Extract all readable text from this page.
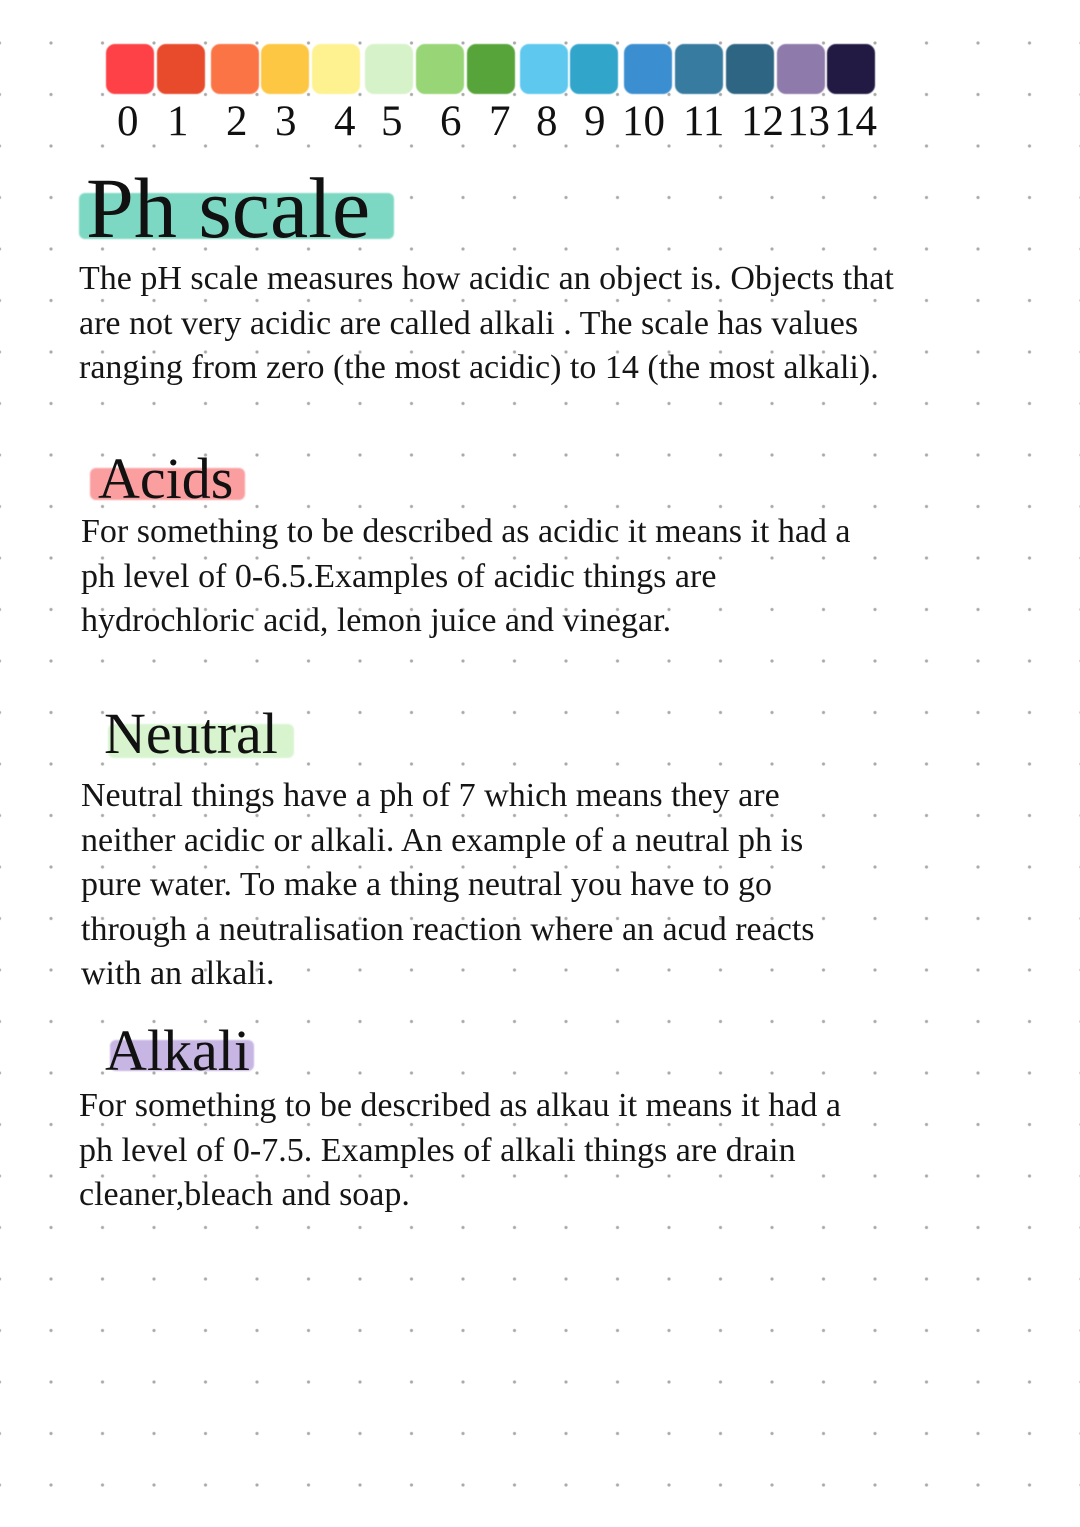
0 1 2 3 4 5 6 7 8 9 10 11 12 13 14
Ph scale

The pH scale measures how acidic an object is. Objects that
are not very acidic are called alkali . The scale has values
ranging from zero (the most acidic) to 14 (the most alkali).

Acids

For something to be described as acidic it means it had a
ph level of 0-6.5.Examples of acidic things are
hydrochloric acid, lemon juice and vinegar.

Neutral

Neutral things have a ph of 7 which means they are
neither acidic or alkali. An example of a neutral ph is
pure water. To make a thing neutral you have to go
through a neutralisation reaction where an acud reacts
with an alkali.

Alkali

For something to be described as alkau it means it had a
ph level of 0-7.5. Examples of alkali things are drain
cleaner,bleach and soap.
